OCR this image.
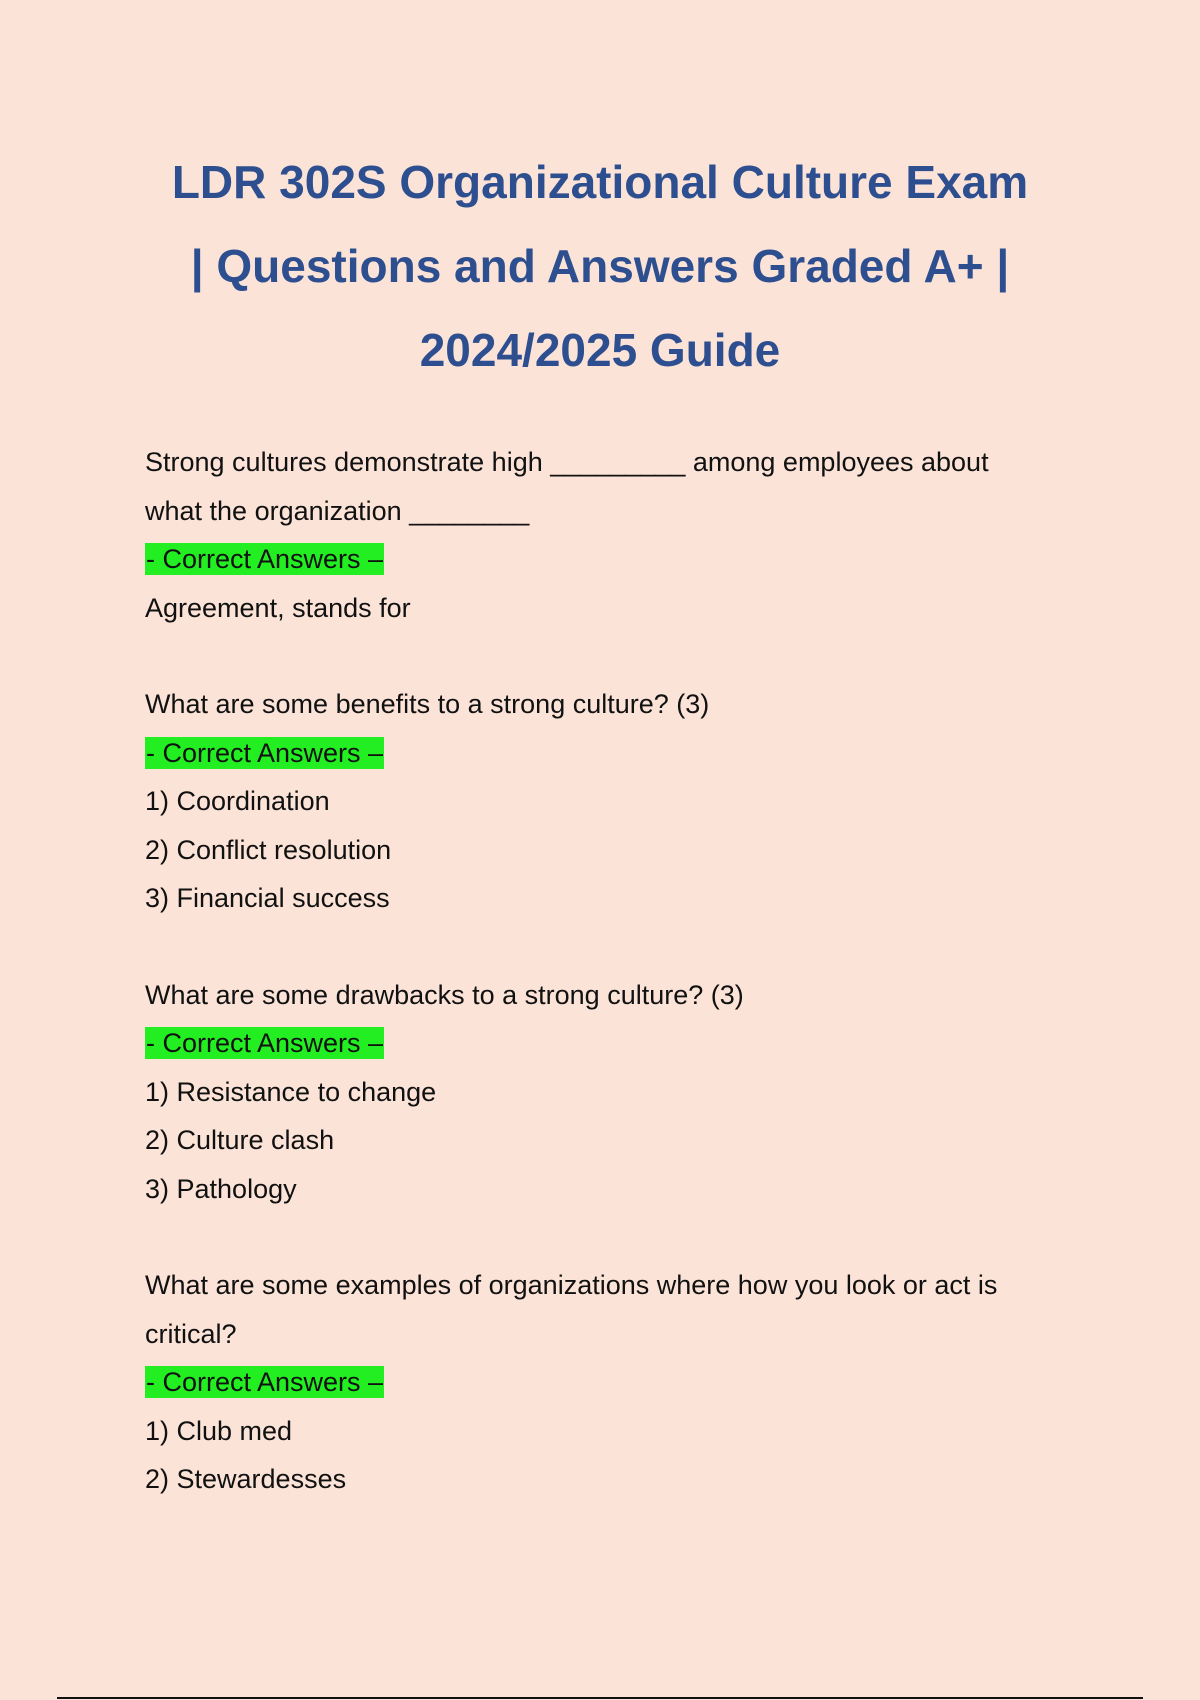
LDR 302S Organizational Culture Exam
| Questions and Answers Graded A+ |
2024/2025 Guide
Strong cultures demonstrate high _________ among employees about
what the organization ________
- Correct Answers –
Agreement, stands for
What are some benefits to a strong culture? (3)
- Correct Answers –
1) Coordination
2) Conflict resolution
3) Financial success
What are some drawbacks to a strong culture? (3)
- Correct Answers –
1) Resistance to change
2) Culture clash
3) Pathology
What are some examples of organizations where how you look or act is
critical?
- Correct Answers –
1) Club med
2) Stewardesses
